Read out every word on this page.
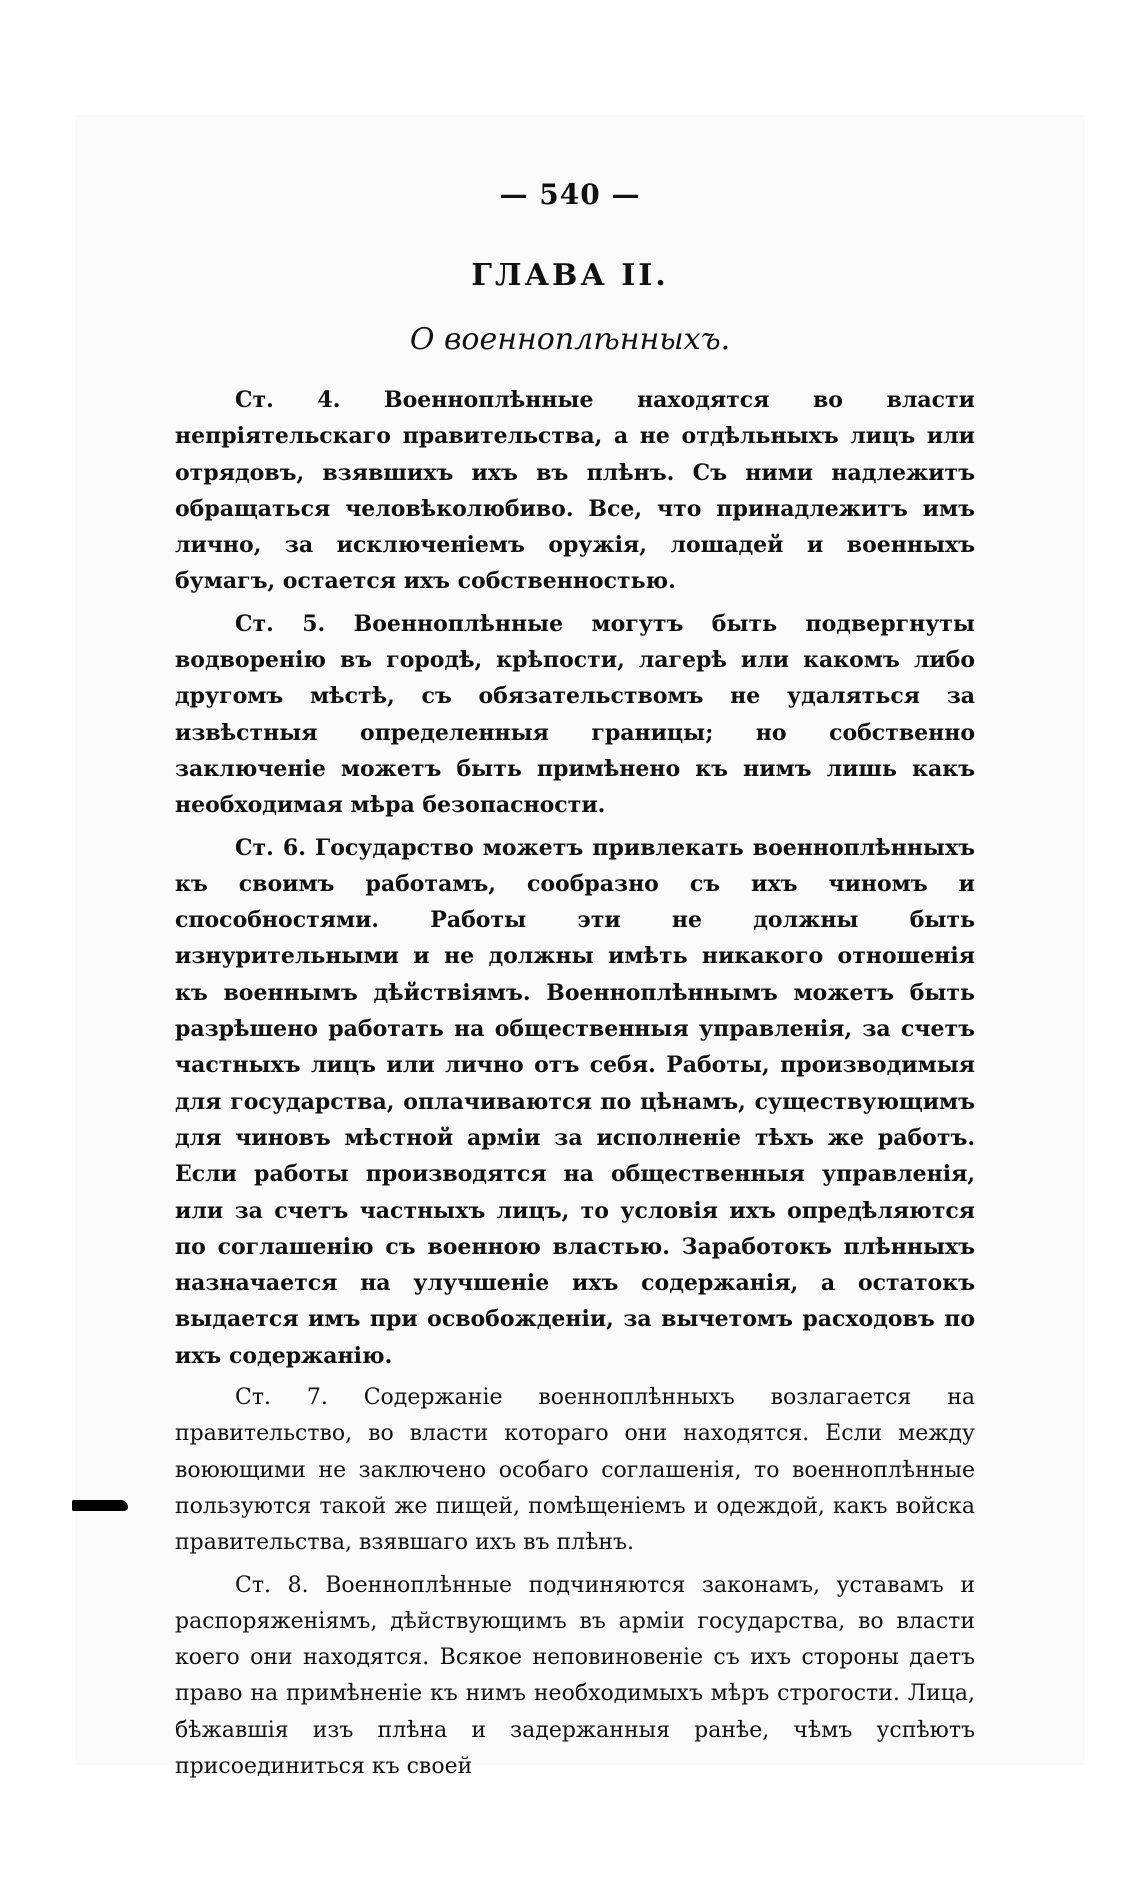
— 540 —
ГЛАВА II.
О военноплѣнныхъ.

Ст. 4. Военноплѣнные находятся во власти непрiятельскаго правительства, а не отдѣльныхъ лицъ или отрядовъ, взявшихъ ихъ въ плѣнъ. Съ ними надлежитъ обращаться человѣколюбиво. Все, что принадлежитъ имъ лично, за исключенiемъ оружiя, лошадей и военныхъ бумагъ, остается ихъ собственностью.

Ст. 5. Военноплѣнные могутъ быть подвергнуты водворенiю въ городѣ, крѣпости, лагерѣ или какомъ либо другомъ мѣстѣ, съ обязательствомъ не удаляться за извѣстныя определенныя границы; но собственно заключенiе можетъ быть примѣнено къ нимъ лишь какъ необходимая мѣра безопасности.

Ст. 6. Государство можетъ привлекать военноплѣнныхъ къ своимъ работамъ, сообразно съ ихъ чиномъ и способностями. Работы эти не должны быть изнурительными и не должны имѣть никакого отношенiя къ военнымъ дѣйствiямъ. Военноплѣннымъ можетъ быть разрѣшено работать на общественныя управленiя, за счетъ частныхъ лицъ или лично отъ себя. Работы, производимыя для государства, оплачиваются по цѣнамъ, существующимъ для чиновъ мѣстной армiи за исполненiе тѣхъ же работъ. Если работы производятся на общественныя управленiя, или за счетъ частныхъ лицъ, то условiя ихъ опредѣляются по соглашенiю съ военною властью. Заработокъ плѣнныхъ назначается на улучшенiе ихъ содержанiя, а остатокъ выдается имъ при освобожденiи, за вычетомъ расходовъ по ихъ содержанiю.

Ст. 7. Содержанiе военноплѣнныхъ возлагается на правительство, во власти котораго они находятся. Если между воюющими не заключено особаго соглашенiя, то военноплѣнные пользуются такой же пищей, помѣщенiемъ и одеждой, какъ войска правительства, взявшаго ихъ въ плѣнъ.

Ст. 8. Военноплѣнные подчиняются законамъ, уставамъ и распоряженiямъ, дѣйствующимъ въ армiи государства, во власти коего они находятся. Всякое неповиновенiе съ ихъ стороны даетъ право на примѣненiе къ нимъ необходимыхъ мѣръ строгости. Лица, бѣжавшiя изъ плѣна и задержанныя ранѣе, чѣмъ успѣютъ присоединиться къ своей
